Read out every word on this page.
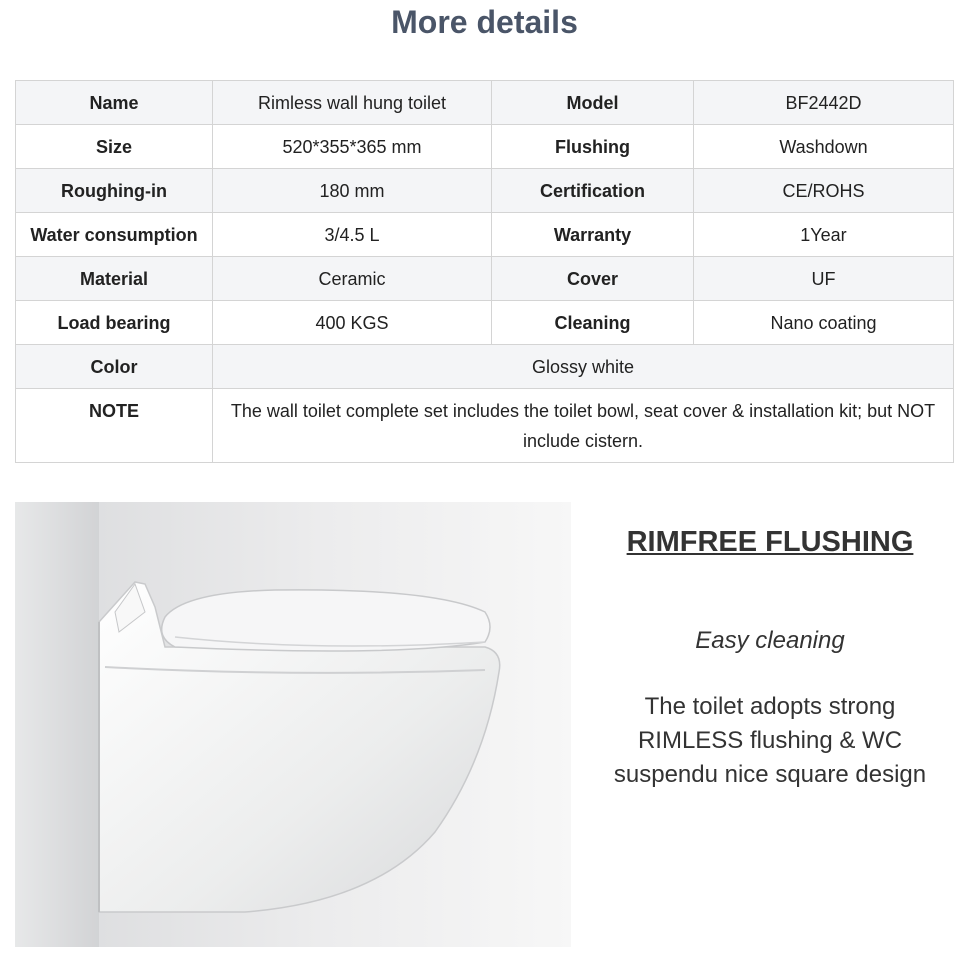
More details
Name	Rimless wall hung toilet	Model	BF2442D
Size	520*355*365 mm	Flushing	Washdown
Roughing-in	180 mm	Certification	CE/ROHS
Water consumption	3/4.5 L	Warranty	1Year
Material	Ceramic	Cover	UF
Load bearing	400 KGS	Cleaning	Nano coating
Color	Glossy white		
NOTE	The wall toilet complete set includes the toilet bowl, seat cover & installation kit; but NOT include cistern.		
RIMFREE FLUSHING
Easy cleaning
The toilet adopts strong RIMLESS flushing & WC suspendu nice square design
